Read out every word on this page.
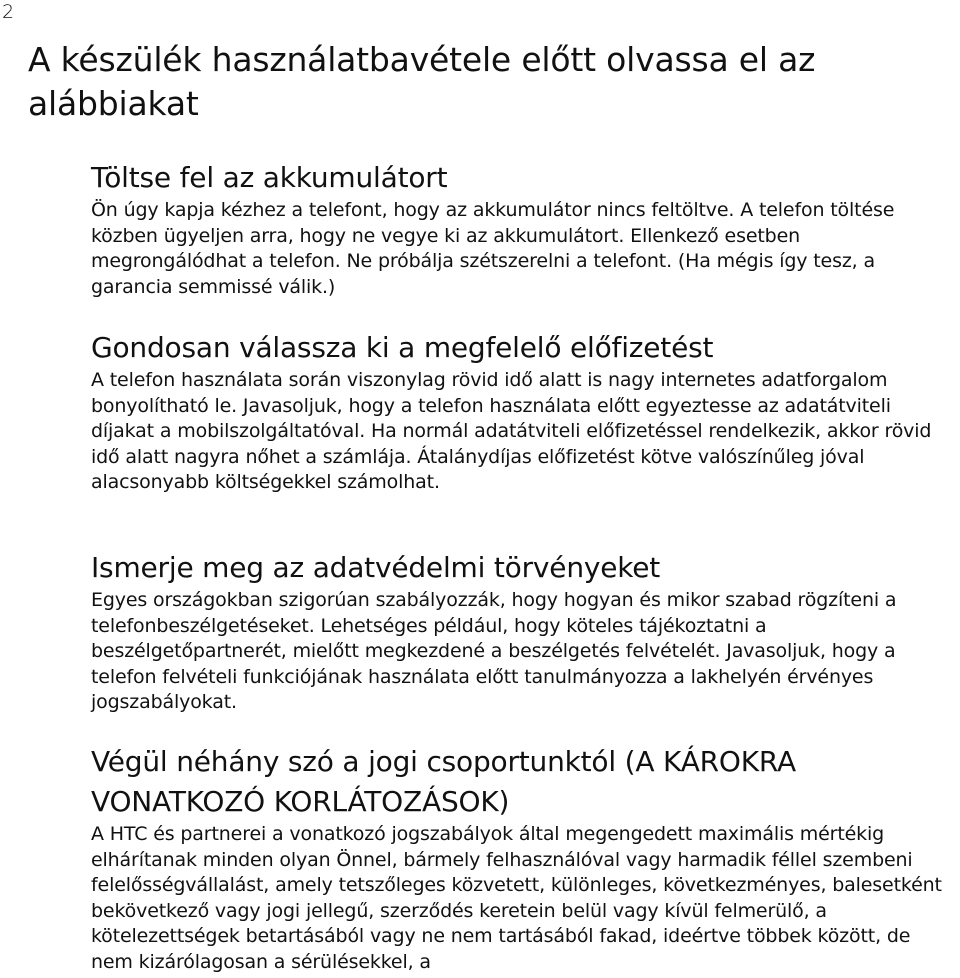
2
A készülék használatbavétele előtt olvassa el az alábbiakat
Töltse fel az akkumulátort

Ön úgy kapja kézhez a telefont, hogy az akkumulátor nincs feltöltve. A telefon töltése közben ügyeljen arra, hogy ne vegye ki az akkumulátort. Ellenkező esetben megrongálódhat a telefon. Ne próbálja szétszerelni a telefont. (Ha mégis így tesz, a garancia semmissé válik.)

Gondosan válassza ki a megfelelő előfizetést

A telefon használata során viszonylag rövid idő alatt is nagy internetes adatforgalom bonyolítható le. Javasoljuk, hogy a telefon használata előtt egyeztesse az adatátviteli díjakat a mobilszolgáltatóval. Ha normál adatátviteli előfizetéssel rendelkezik, akkor rövid idő alatt nagyra nőhet a számlája. Átalánydíjas előfizetést kötve valószínűleg jóval alacsonyabb költségekkel számolhat.

Ismerje meg az adatvédelmi törvényeket

Egyes országokban szigorúan szabályozzák, hogy hogyan és mikor szabad rögzíteni a telefonbeszélgetéseket. Lehetséges például, hogy köteles tájékoztatni a beszélgetőpartnerét, mielőtt megkezdené a beszélgetés felvételét. Javasoljuk, hogy a telefon felvételi funkciójának használata előtt tanulmányozza a lakhelyén érvényes jogszabályokat.

Végül néhány szó a jogi csoportunktól (A KÁROKRA VONATKOZÓ KORLÁTOZÁSOK)

A HTC és partnerei a vonatkozó jogszabályok által megengedett maximális mértékig elhárítanak minden olyan Önnel, bármely felhasználóval vagy harmadik féllel szembeni felelősségvállalást, amely tetszőleges közvetett, különleges, következményes, balesetként bekövetkező vagy jogi jellegű, szerződés keretein belül vagy kívül felmerülő, a kötelezettségek betartásából vagy ne nem tartásából fakad, ideértve többek között, de nem kizárólagosan a sérülésekkel, a
